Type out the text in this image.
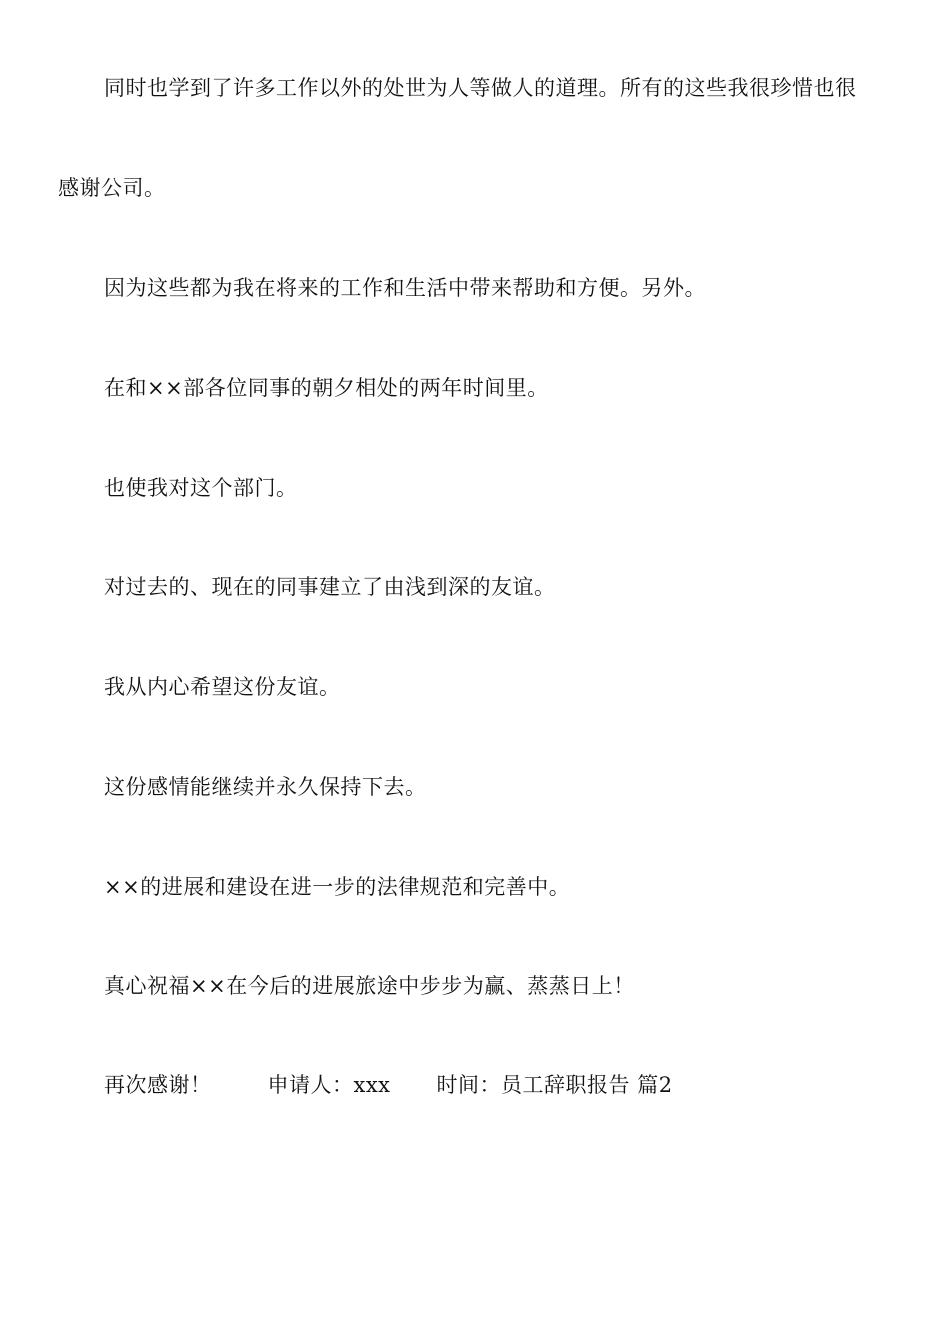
同时也学到了许多工作以外的处世为人等做人的道理。所有的这些我很珍惜也很
感谢公司。
因为这些都为我在将来的工作和生活中带来帮助和方便。另外。
在和××部各位同事的朝夕相处的两年时间里。
也使我对这个部门。
对过去的、现在的同事建立了由浅到深的友谊。
我从内心希望这份友谊。
这份感情能继续并永久保持下去。
××的进展和建设在进一步的法律规范和完善中。
真心祝福××在今后的进展旅途中步步为赢、蒸蒸日上！
再次感谢！	申请人：xxx 时间：员工辞职报告 篇2
